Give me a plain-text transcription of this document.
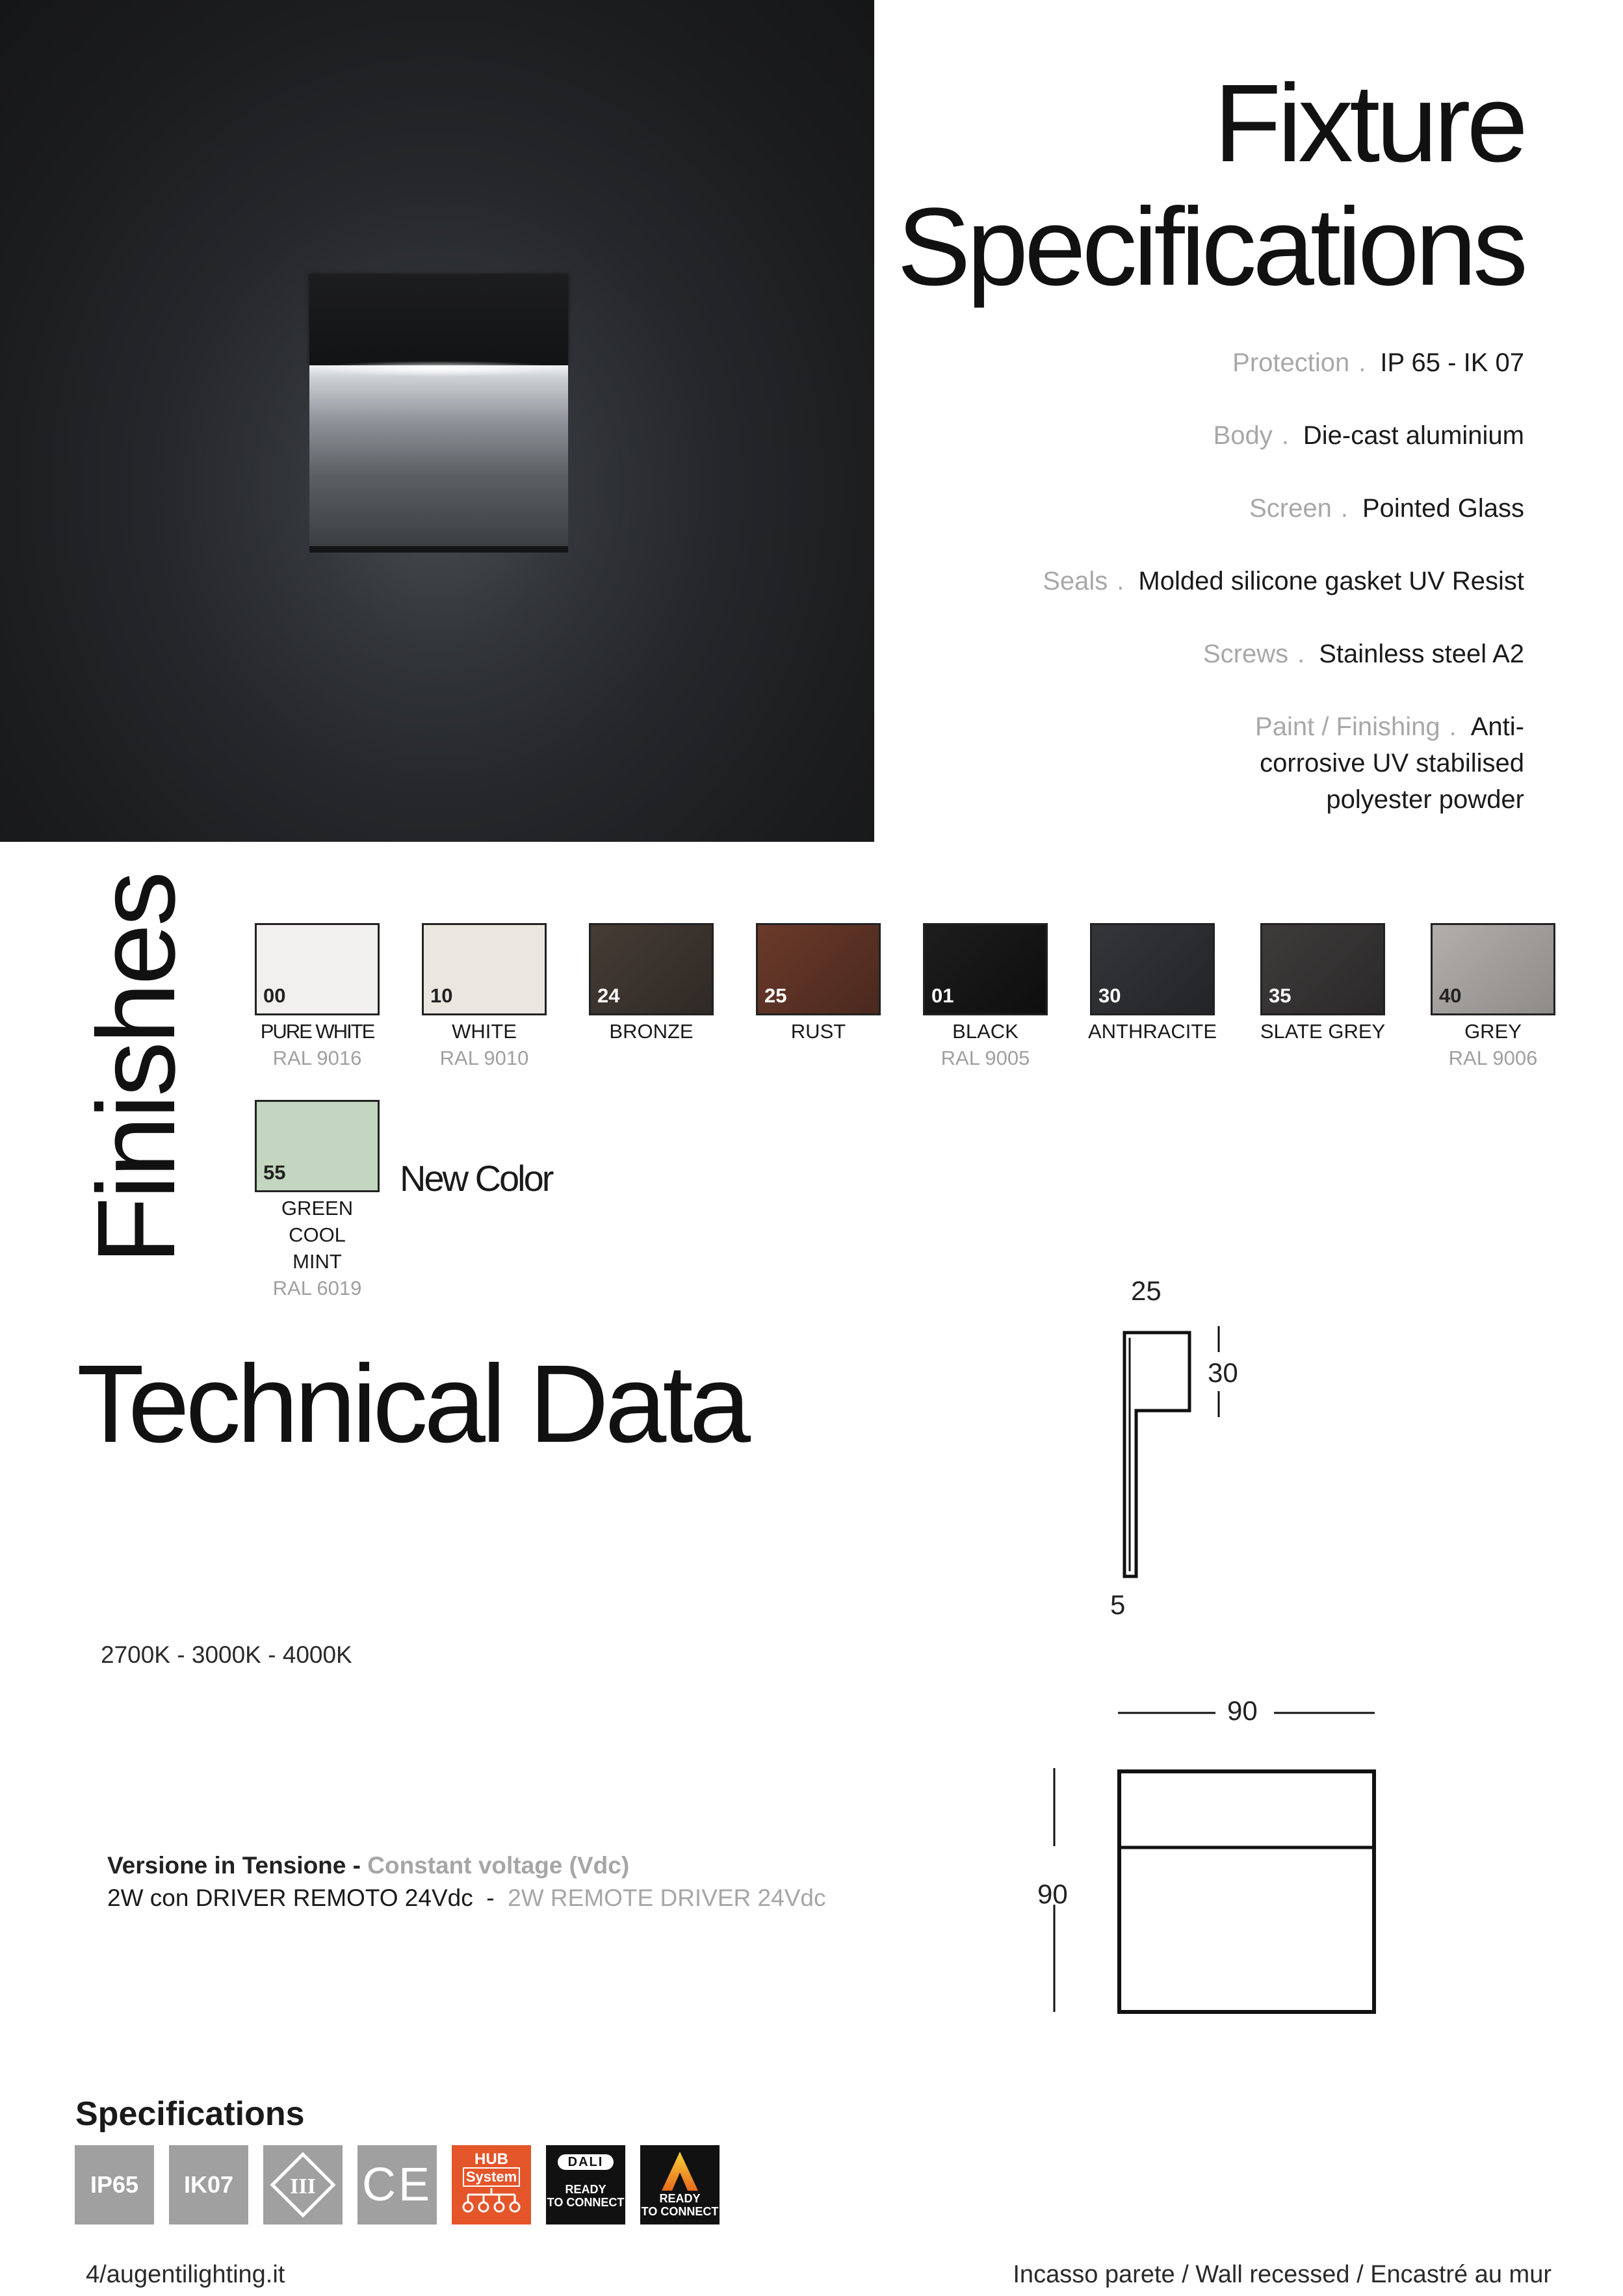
Fixture
Specifications
Protection . IP 65 - IK 07
Body . Die-cast aluminium
Screen . Pointed Glass
Seals . Molded silicone gasket UV Resist
Screws . Stainless steel A2
Paint / Finishing . Anti-corrosive UV stabilised polyester powder
Finishes	00
PURE WHITE
RAL 9016
10
WHITE
RAL 9010
24
BRONZE
25
RUST
01
BLACK
RAL 9005
30
ANTHRACITE
35
SLATE GREY
40
GREY
RAL 9006
55
GREEN COOL
MINT
RAL 6019
New Color
Technical Data
2700K - 3000K - 4000K
Versione in Tensione - Constant voltage (Vdc)
2W con DRIVER REMOTO 24Vdc  -  2W REMOTE DRIVER 24Vdc
25
30
5
90
90
Specifications
IP65 IK07	III CE	HUB
System
DALI
READY
TO CONNECT	READY
TO CONNECT
4/augentilighting.it	Incasso parete / Wall recessed / Encastré au mur
